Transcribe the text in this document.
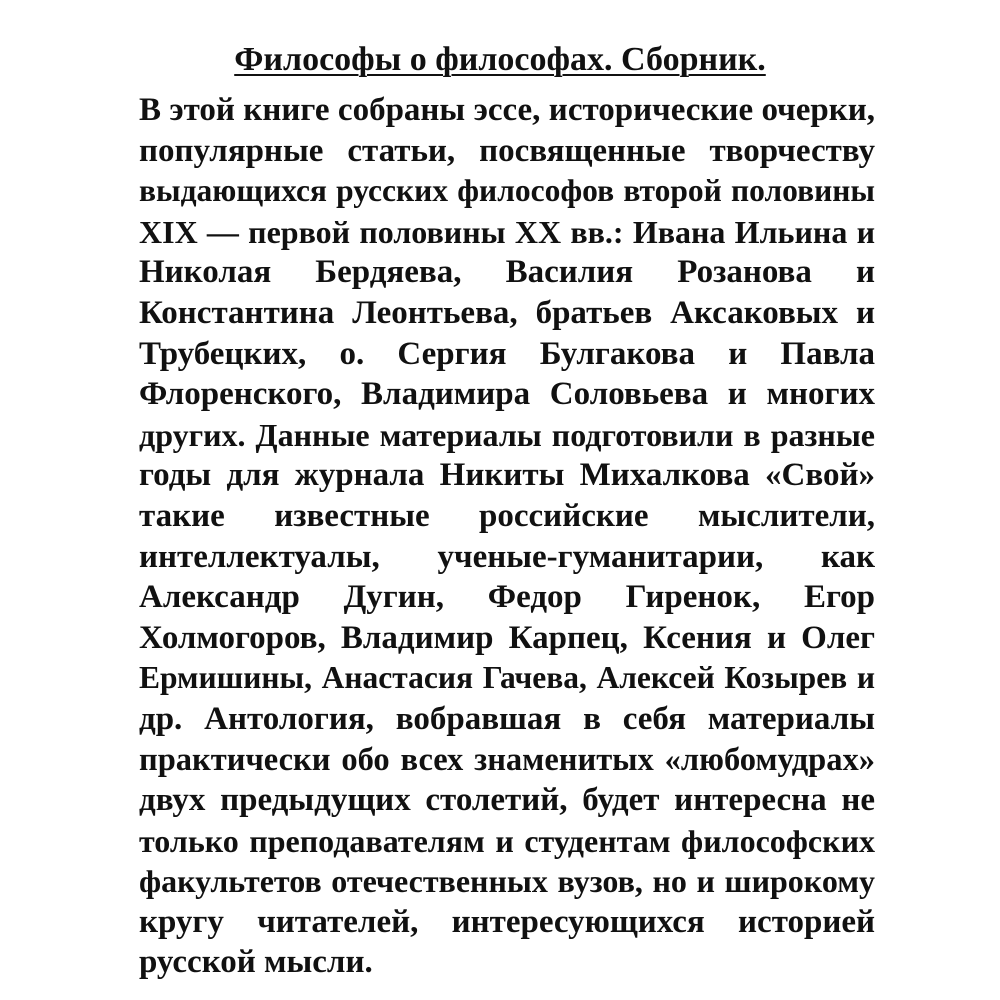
Философы о философах. Сборник.
В этой книге собраны эссе, исторические очерки,
популярные статьи, посвященные творчеству
выдающихся русских философов второй половины
XIX — первой половины XX вв.: Ивана Ильина и
Николая Бердяева, Василия Розанова и
Константина Леонтьева, братьев Аксаковых и
Трубецких, о. Сергия Булгакова и Павла
Флоренского, Владимира Соловьева и многих
других. Данные материалы подготовили в разные
годы для журнала Никиты Михалкова «Свой»
такие известные российские мыслители,
интеллектуалы, ученые-гуманитарии, как
Александр Дугин, Федор Гиренок, Егор
Холмогоров, Владимир Карпец, Ксения и Олег
Ермишины, Анастасия Гачева, Алексей Козырев и
др. Антология, вобравшая в себя материалы
практически обо всех знаменитых «любомудрах»
двух предыдущих столетий, будет интересна не
только преподавателям и студентам философских
факультетов отечественных вузов, но и широкому
кругу читателей, интересующихся историей
русской мысли.
